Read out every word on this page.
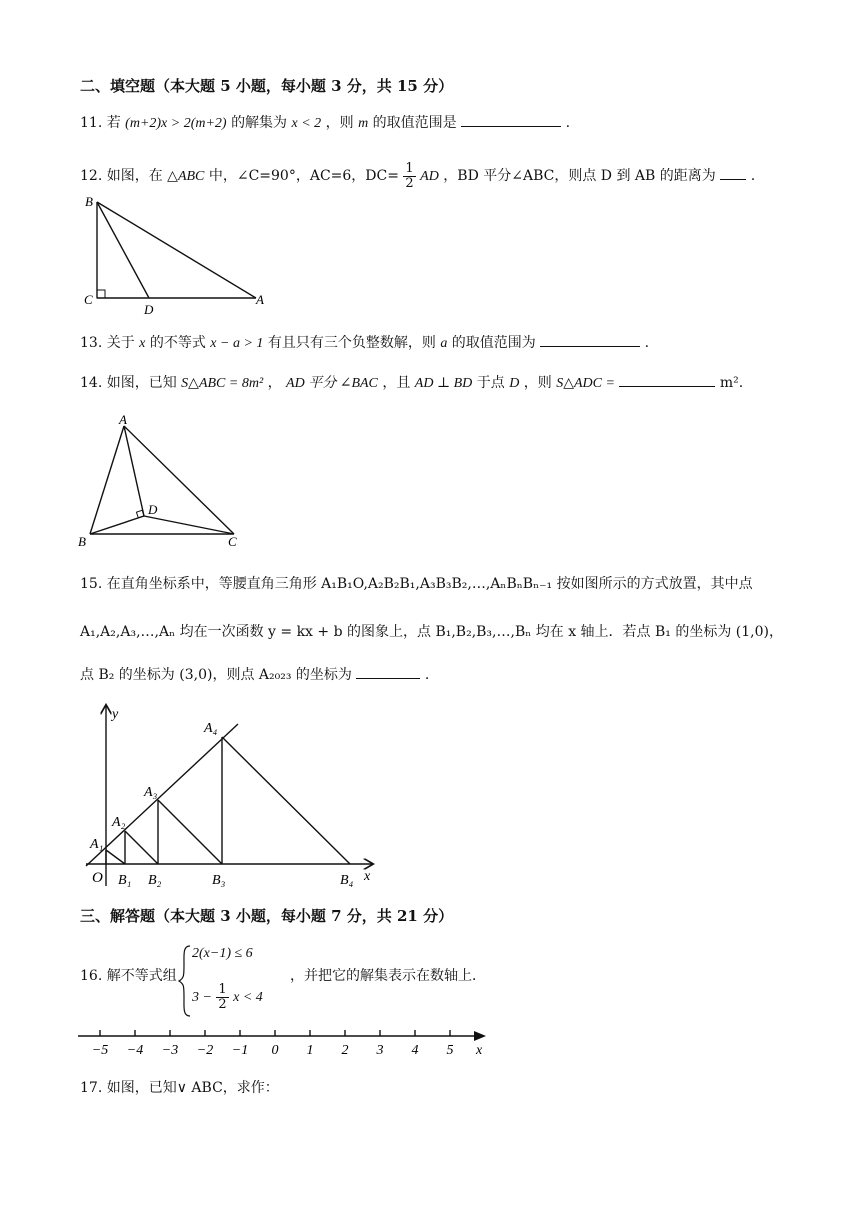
二、填空题（本大题 5 小题，每小题 3 分，共 15 分）
11. 若 (m+2)x > 2(m+2) 的解集为 x < 2 ，则 m 的取值范围是	.
12. 如图，在 △ABC 中，∠C=90°，AC=6，$DC= \frac{1}{2}$ AD ，BD 平分∠ABC，则点 D 到 AB 的距离为 .
B
C
D
A
13. 关于 x 的不等式 x − a > 1 有且只有三个负整数解，则 a 的取值范围为	.
14. 如图，已知 S△ABC = 8m² ， AD 平分 ∠BAC ，且 AD ⊥ BD 于点 D ，则 S△ADC =	m².
A
B	C
D
15. 在直角坐标系中，等腰直角三角形 A₁B₁O,A₂B₂B₁,A₃B₃B₂,…,AₙBₙBₙ₋₁ 按如图所示的方式放置，其中点
A₁,A₂,A₃,…,Aₙ 均在一次函数 y = kx + b 的图象上，点 B₁,B₂,B₃,…,Bₙ 均在 x 轴上．若点 B₁ 的坐标为 (1,0)，
点 B₂ 的坐标为 (3,0)，则点 A₂₀₂₃ 的坐标为	.
y
x
O
A₁
A₂
A₃
A₄
B₁ B₂	B₃	B₄
三、解答题（本大题 3 小题，每小题 7 分，共 21 分）
16. 解不等式组
2(x−1) ≤ 6
$3 - \frac{1}{2}$ x < 4
，并把它的解集表示在数轴上．
x
−5 −4 −3 −2 −1 0 1 2 3 4 5
17. 如图，已知∨ ABC，求作：
